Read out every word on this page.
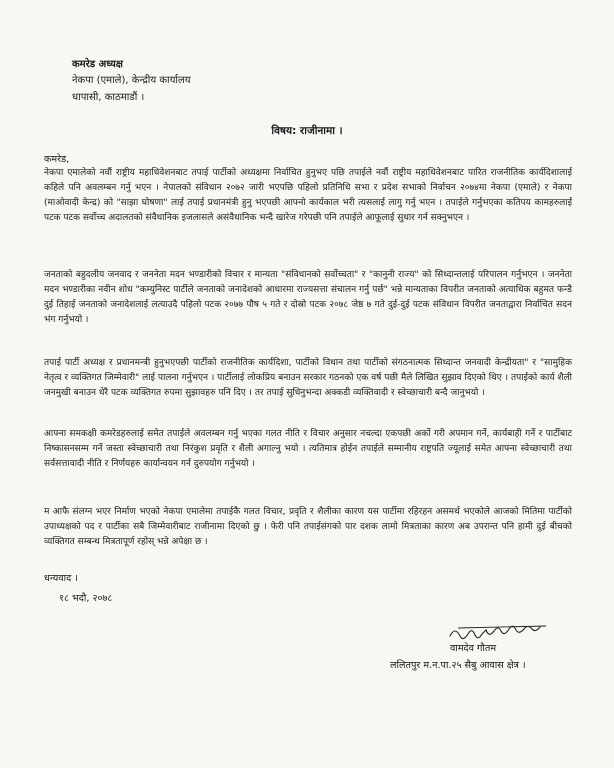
कमरेड अध्यक्ष
नेकपा (एमाले), केन्द्रीय कार्यालय
धापासी, काठमाडौं ।
विषय: राजीनामा ।
कमरेड,

नेकपा एमालेको नवौं राष्ट्रीय महाधिवेशनबाट तपाई पार्टीको अध्यक्षमा निर्वाचित हुनुभए पछि तपाईले नवौं राष्ट्रीय महाधिवेशनबाट पारित राजनीतिक कार्यदिशालाई कहिले पनि अवलम्बन गर्नु भएन । नेपालको संविधान २०७२ जारी भएपछि पहिलो प्रतिनिधि सभा र प्रदेश सभाको निर्वाचन २०७४मा नेकपा (एमाले) र नेकपा (माओवादी केन्द्र) को "साझा घोषणा" लाई तपाई प्रधानमंत्री हुनु भएपछी आफ्नो कार्यकाल भरी त्यसलाई लागु गर्नु भएन । तपाईले गर्नुभएका कतिपय कामहरुलाई पटक पटक सर्वोच्च अदालतको संवैधानिक इजलासले असंवैधानिक भन्दै खारेज गरेपछी पनि तपाईले आफूलाई सुधार गर्न सक्नुभएन ।

जनताको बहुदलीय जनवाद र जननेता मदन भण्डारीको विचार र मान्यता "संविधानको सर्वोच्चता" र "कानुनी राज्य" को सिध्दान्तलाई परिपालन गर्नुभएन । जननेता मदन भण्डारीका नवीन शोध "कम्युनिस्ट पार्टीले जनताको जनादेशको आधारमा राज्यसत्ता संचालन गर्नु पर्छ" भन्ने मान्यताका विपरीत जनताको अत्याधिक बहुमत फन्डै दुई तिहाई जनताको जनादेशलाई लत्याउदै पहिलो पटक २०७७ पौष ५ गते र दोस्रो पटक २०७८ जेष्ठ ७ गते दुई-दुई पटक संविधान विपरीत जनताद्वारा निर्वाचित सदन भंग गर्नुभयो ।

तपाई पार्टी अध्यक्ष र प्रधानमन्त्री हुनुभएपछी पार्टीको राजनीतिक कार्यदिशा, पार्टीको विधान तथा पार्टीको संगठनात्मक सिध्दान्त जनवादी केन्द्रीयता" र "सामुहिक नेतृत्व र व्यक्तिगत जिम्मेवारी" लाई पालना गर्नुभएन । पार्टीलाई लोकप्रिय बनाउन सरकार गठनको एक वर्ष पछी मैले लिखित सुझाव दिएको थिए । तपाईको कार्य शैली जनमुखी बनाउन धेरै पटक व्यक्तिगत रुपमा सुझावहरु पनि दिए । तर तपाई सुधिनुभन्दा अक्कडी व्यक्तिवादी र स्वेच्छाचारी बन्दै जानुभयो ।

आफ्ना समकक्षी कमरेडहरुलाई समेत तपाईले अवलम्बन गर्नु भएका गलत नीति र विचार अनुसार नचल्दा एकपछी अर्को गरी अपमान गर्ने, कार्यबाही गर्ने र पार्टीबाट निष्कासनसम्म गर्ने जस्ता स्वेच्छाचारी तथा निरंकुश प्रवृति र शैली अगाल्नु भयो । त्यतिमात्र होईन तपाईले सम्मानीय राष्ट्रपति ज्यूलाई समेत आफ्ना स्वेच्छाचारी तथा सर्वसत्तावादी नीति र निर्णयहरु कार्यान्वयन गर्न दुरुपयोग गर्नुभयो ।

म आफै संलग्न भएर निर्माण भएको नेकपा एमालेमा तपाईकै गलत विचार, प्रवृति र शैलीका कारण यस पार्टीमा रहिरहन असमर्थ भएकोले आजको मितिमा पार्टीको उपाध्यक्षको पद र पार्टीका सबै जिम्मेवारीबाट राजीनामा दिएको छु । फेरी पनि तपाईसंगको पार दशक लामो मित्रताका कारण अब उपरान्त पनि हामी दुई बीचको व्यक्तिगत सम्बन्ध मित्रतापूर्ण रहोस् भन्ने अपेक्षा छ ।

धन्यवाद ।
१८ भदौ, २०७८
वामदेव गौतम
ललितपुर म.न.पा.२५ सैबु आवास क्षेत्र ।
